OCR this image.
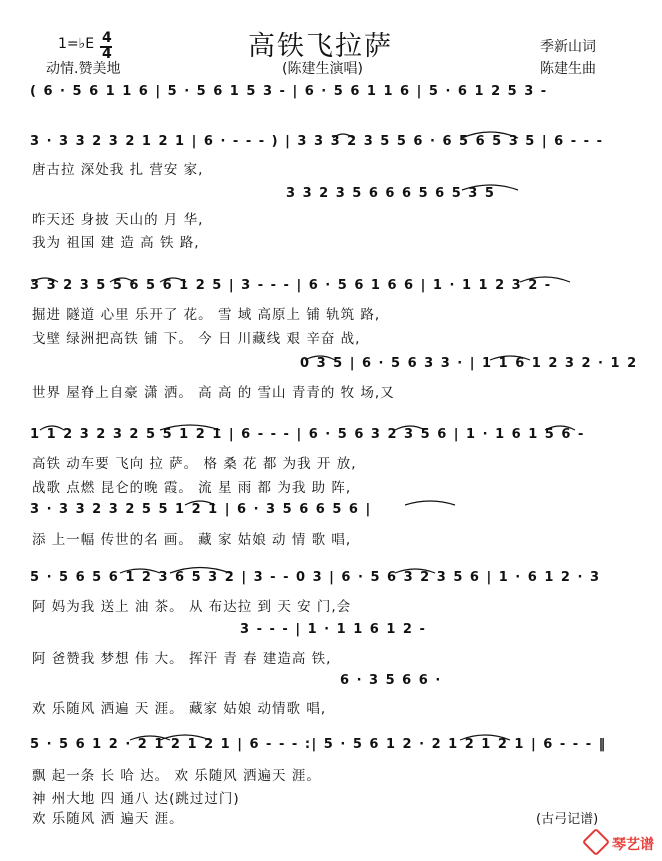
1=♭E 4
4	高铁飞拉萨	季新山词
动情.赞美地	(陈建生演唱)	陈建生曲
( 6 · 5 6 1 1 6 | 5 · 5 6 1 5 3 - | 6 · 5 6 1 1 6 | 5 · 6 1 2 5 3 -
3 · 3 3 2 3 2 1 2 1 | 6 · - - - ) | 3 3 3 2 3 5 5 6 · 6 5 6 5 3 5 | 6 - - -
唐古拉 深处我 扎 营安 家,
3 3 2 3 5 6 6 6 5 6 5 3 5
昨天还 身披 天山的 月 华,
我为 祖国 建 造 高 铁 路,
3 3 2 3 5 5 6 5 6 1 2 5 | 3 - - - | 6 · 5 6 1 6 6 | 1 · 1 1 2 3 2 -
掘进 隧道 心里 乐开了 花。 雪 域 高原上 铺 轨筑 路,
戈壁 绿洲把高铁 铺 下。 今 日 川藏线 艰 辛奋 战,
0 3 5 | 6 · 5 6 3 3 · | 1 1 6 1 2 3 2 · 1 2
世界 屋脊上自豪 潇 洒。 高 高 的 雪山 青青的 牧 场,又
1 1 2 3 2 3 2 5 5 1 2 1 | 6 - - - | 6 · 5 6 3 2 3 5 6 | 1 · 1 6 1 5 6 -
高铁 动车要 飞向 拉 萨。 格 桑 花 都 为我 开 放,
战歌 点燃 昆仑的晚 霞。 流 星 雨 都 为我 助 阵,
3 · 3 3 2 3 2 5 5 1 2 1 | 6 · 3 5 6 6 5 6 |
添 上一幅 传世的名 画。 藏 家 姑娘 动 情 歌 唱,
5 · 5 6 5 6 1 2 3 6 5 3 2 | 3 - - 0 3 | 6 · 5 6 3 2 3 5 6 | 1 · 6 1 2 · 3
阿 妈为我 送上 油 茶。 从 布达拉 到 天 安 门,会
3 - - - | 1 · 1 1 6 1 2 -
阿 爸赞我 梦想 伟 大。 挥汗 青 春 建造高 铁,
6 · 3 5 6 6 ·
欢 乐随风 洒遍 天 涯。 藏家 姑娘 动情歌 唱,
5 · 5 6 1 2 · 2 1 2 1 2 1 | 6 - - - :| 5 · 5 6 1 2 · 2 1 2 1 2 1 | 6 - - - ‖
飘 起一条 长 哈 达。 欢 乐随风 洒遍天 涯。
神 州大地 四 通八 达(跳过过门)
欢 乐随风 洒 遍天 涯。	(古弓记谱)
琴艺谱
